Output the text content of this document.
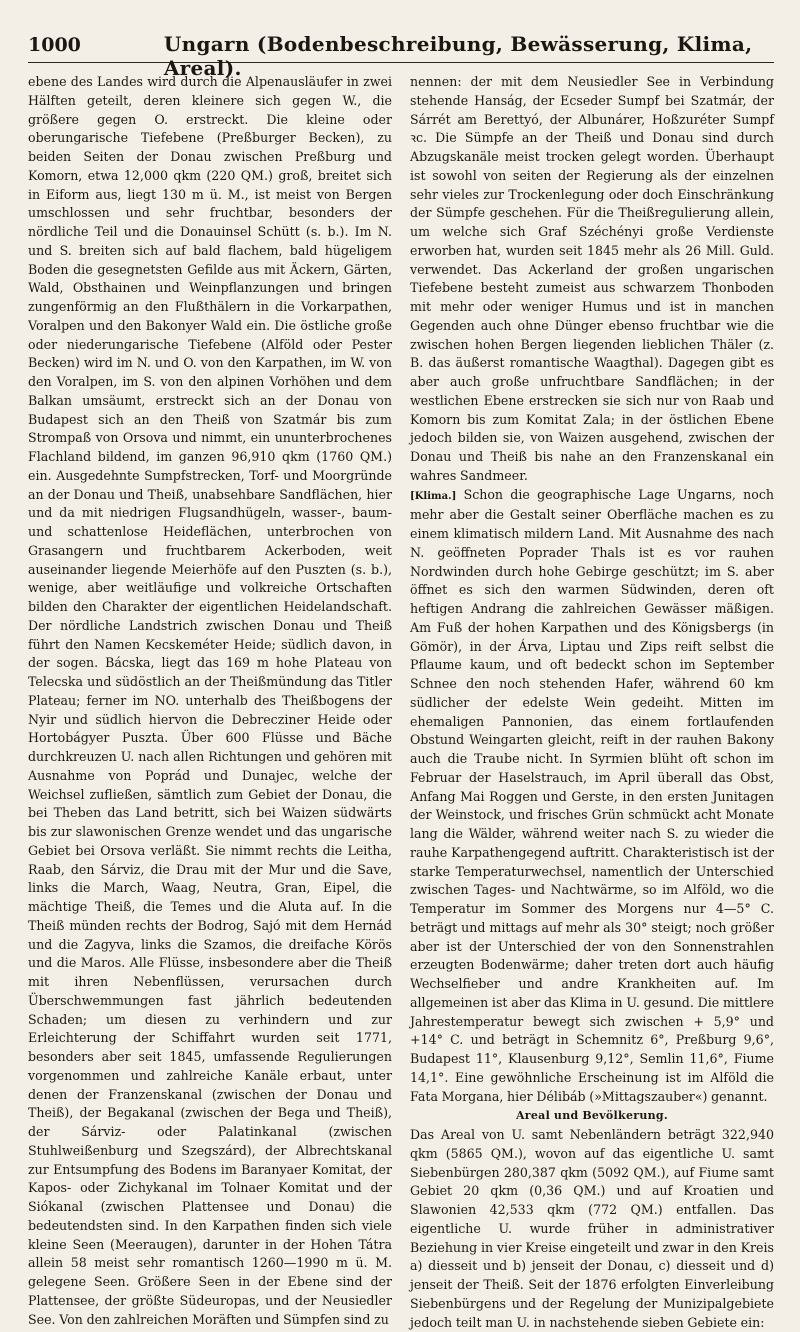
1000	Ungarn (Bodenbeschreibung, Bewässerung, Klima, Areal).

ebene des Landes wird durch die Alpenausläufer in zwei Hälften geteilt, deren kleinere sich gegen W., die größere gegen O. erstreckt. Die kleine oder oberungarische Tiefebene (Preßburger Becken), zu beiden Seiten der Donau zwischen Preßburg und Komorn, etwa 12,000 qkm (220 QM.) groß, breitet sich in Eiform aus, liegt 130 m ü. M., ist meist von Bergen umschlossen und sehr fruchtbar, besonders der nördliche Teil und die Donauinsel Schütt (s. b.). Im N. und S. breiten sich auf bald flachem, bald hügeligem Boden die gesegnetsten Gefilde aus mit Äckern, Gärten, Wald, Obsthainen und Weinpflanzungen und bringen zungenförmig an den Flußthälern in die Vorkarpathen, Voralpen und den Bakonyer Wald ein. Die östliche große oder niederungarische Tiefebene (Alföld oder Pester Becken) wird im N. und O. von den Karpathen, im W. von den Voralpen, im S. von den alpinen Vorhöhen und dem Balkan umsäumt, erstreckt sich an der Donau von Budapest sich an den Theiß von Szatmár bis zum Strompaß von Orsova und nimmt, ein ununterbrochenes Flachland bildend, im ganzen 96,910 qkm (1760 QM.) ein. Ausgedehnte Sumpfstrecken, Torf- und Moorgründe an der Donau und Theiß, unabsehbare Sandflächen, hier und da mit niedrigen Flugsandhügeln, wasser-, baum- und schattenlose Heideflächen, unterbrochen von Grasangern und fruchtbarem Ackerboden, weit auseinander liegende Meierhöfe auf den Puszten (s. b.), wenige, aber weitläufige und volkreiche Ortschaften bilden den Charakter der eigentlichen Heidelandschaft. Der nördliche Landstrich zwischen Donau und Theiß führt den Namen Kecskeméter Heide; südlich davon, in der sogen. Bácska, liegt das 169 m hohe Plateau von Telecska und südöstlich an der Theißmündung das Titler Plateau; ferner im NO. unterhalb des Theißbogens der Nyir und südlich hiervon die Debrecziner Heide oder Hortobágyer Puszta. Über 600 Flüsse und Bäche durchkreuzen U. nach allen Richtungen und gehören mit Ausnahme von Poprád und Dunajec, welche der Weichsel zufließen, sämtlich zum Gebiet der Donau, die bei Theben das Land betritt, sich bei Waizen südwärts bis zur slawonischen Grenze wendet und das ungarische Gebiet bei Orsova verläßt. Sie nimmt rechts die Leitha, Raab, den Sárviz, die Drau mit der Mur und die Save, links die March, Waag, Neutra, Gran, Eipel, die mächtige Theiß, die Temes und die Aluta auf. In die Theiß münden rechts der Bodrog, Sajó mit dem Hernád und die Zagyva, links die Szamos, die dreifache Körös und die Maros. Alle Flüsse, insbesondere aber die Theiß mit ihren Nebenflüssen, verursachen durch Überschwemmungen fast jährlich bedeutenden Schaden; um diesen zu verhindern und zur Erleichterung der Schiffahrt wurden seit 1771, besonders aber seit 1845, umfassende Regulierungen vorgenommen und zahlreiche Kanäle erbaut, unter denen der Franzenskanal (zwischen der Donau und Theiß), der Begakanal (zwischen der Bega und Theiß), der Sárviz- oder Palatinkanal (zwischen Stuhlweißenburg und Szegszárd), der Albrechtskanal zur Entsumpfung des Bodens im Baranyaer Komitat, der Kapos- oder Zichykanal im Tolnaer Komitat und der Siókanal (zwischen Plattensee und Donau) die bedeutendsten sind. In den Karpathen finden sich viele kleine Seen (Meeraugen), darunter in der Hohen Tátra allein 58 meist sehr romantisch 1260—1990 m ü. M. gelegene Seen. Größere Seen in der Ebene sind der Plattensee, der größte Südeuropas, und der Neusiedler See. Von den zahlreichen Moräften und Sümpfen sind zu

nennen: der mit dem Neusiedler See in Verbindung stehende Hanság, der Ecseder Sumpf bei Szatmár, der Sárrét am Berettyó, der Albunárer, Hoßzuréter Sumpf ꝛc. Die Sümpfe an der Theiß und Donau sind durch Abzugskanäle meist trocken gelegt worden. Überhaupt ist sowohl von seiten der Regierung als der einzelnen sehr vieles zur Trockenlegung oder doch Einschränkung der Sümpfe geschehen. Für die Theißregulierung allein, um welche sich Graf Széchényi große Verdienste erworben hat, wurden seit 1845 mehr als 26 Mill. Guld. verwendet. Das Ackerland der großen ungarischen Tiefebene besteht zumeist aus schwarzem Thonboden mit mehr oder weniger Humus und ist in manchen Gegenden auch ohne Dünger ebenso fruchtbar wie die zwischen hohen Bergen liegenden lieblichen Thäler (z. B. das äußerst romantische Waagthal). Dagegen gibt es aber auch große unfruchtbare Sandflächen; in der westlichen Ebene erstrecken sie sich nur von Raab und Komorn bis zum Komitat Zala; in der östlichen Ebene jedoch bilden sie, von Waizen ausgehend, zwischen der Donau und Theiß bis nahe an den Franzenskanal ein wahres Sandmeer.

[Klima.] Schon die geographische Lage Ungarns, noch mehr aber die Gestalt seiner Oberfläche machen es zu einem klimatisch mildern Land. Mit Ausnahme des nach N. geöffneten Poprader Thals ist es vor rauhen Nordwinden durch hohe Gebirge geschützt; im S. aber öffnet es sich den warmen Südwinden, deren oft heftigen Andrang die zahlreichen Gewässer mäßigen. Am Fuß der hohen Karpathen und des Königsbergs (in Gömör), in der Árva, Liptau und Zips reift selbst die Pflaume kaum, und oft bedeckt schon im September Schnee den noch stehenden Hafer, während 60 km südlicher der edelste Wein gedeiht. Mitten im ehemaligen Pannonien, das einem fortlaufenden Obstund Weingarten gleicht, reift in der rauhen Bakony auch die Traube nicht. In Syrmien blüht oft schon im Februar der Haselstrauch, im April überall das Obst, Anfang Mai Roggen und Gerste, in den ersten Junitagen der Weinstock, und frisches Grün schmückt acht Monate lang die Wälder, während weiter nach S. zu wieder die rauhe Karpathengegend auftritt. Charakteristisch ist der starke Temperaturwechsel, namentlich der Unterschied zwischen Tages- und Nachtwärme, so im Alföld, wo die Temperatur im Sommer des Morgens nur 4—5° C. beträgt und mittags auf mehr als 30° steigt; noch größer aber ist der Unterschied der von den Sonnenstrahlen erzeugten Bodenwärme; daher treten dort auch häufig Wechselfieber und andre Krankheiten auf. Im allgemeinen ist aber das Klima in U. gesund. Die mittlere Jahrestemperatur bewegt sich zwischen + 5,9° und +14° C. und beträgt in Schemnitz 6°, Preßburg 9,6°, Budapest 11°, Klausenburg 9,12°, Semlin 11,6°, Fiume 14,1°. Eine gewöhnliche Erscheinung ist im Alföld die Fata Morgana, hier Délibáb (»Mittagszauber«) genannt.

Areal und Bevölkerung.

Das Areal von U. samt Nebenländern beträgt 322,940 qkm (5865 QM.), wovon auf das eigentliche U. samt Siebenbürgen 280,387 qkm (5092 QM.), auf Fiume samt Gebiet 20 qkm (0,36 QM.) und auf Kroatien und Slawonien 42,533 qkm (772 QM.) entfallen. Das eigentliche U. wurde früher in administrativer Beziehung in vier Kreise eingeteilt und zwar in den Kreis a) diesseit und b) jenseit der Donau, c) diesseit und d) jenseit der Theiß. Seit der 1876 erfolgten Einverleibung Siebenbürgens und der Regelung der Munizipalgebiete jedoch teilt man U. in nachstehende sieben Gebiete ein:
